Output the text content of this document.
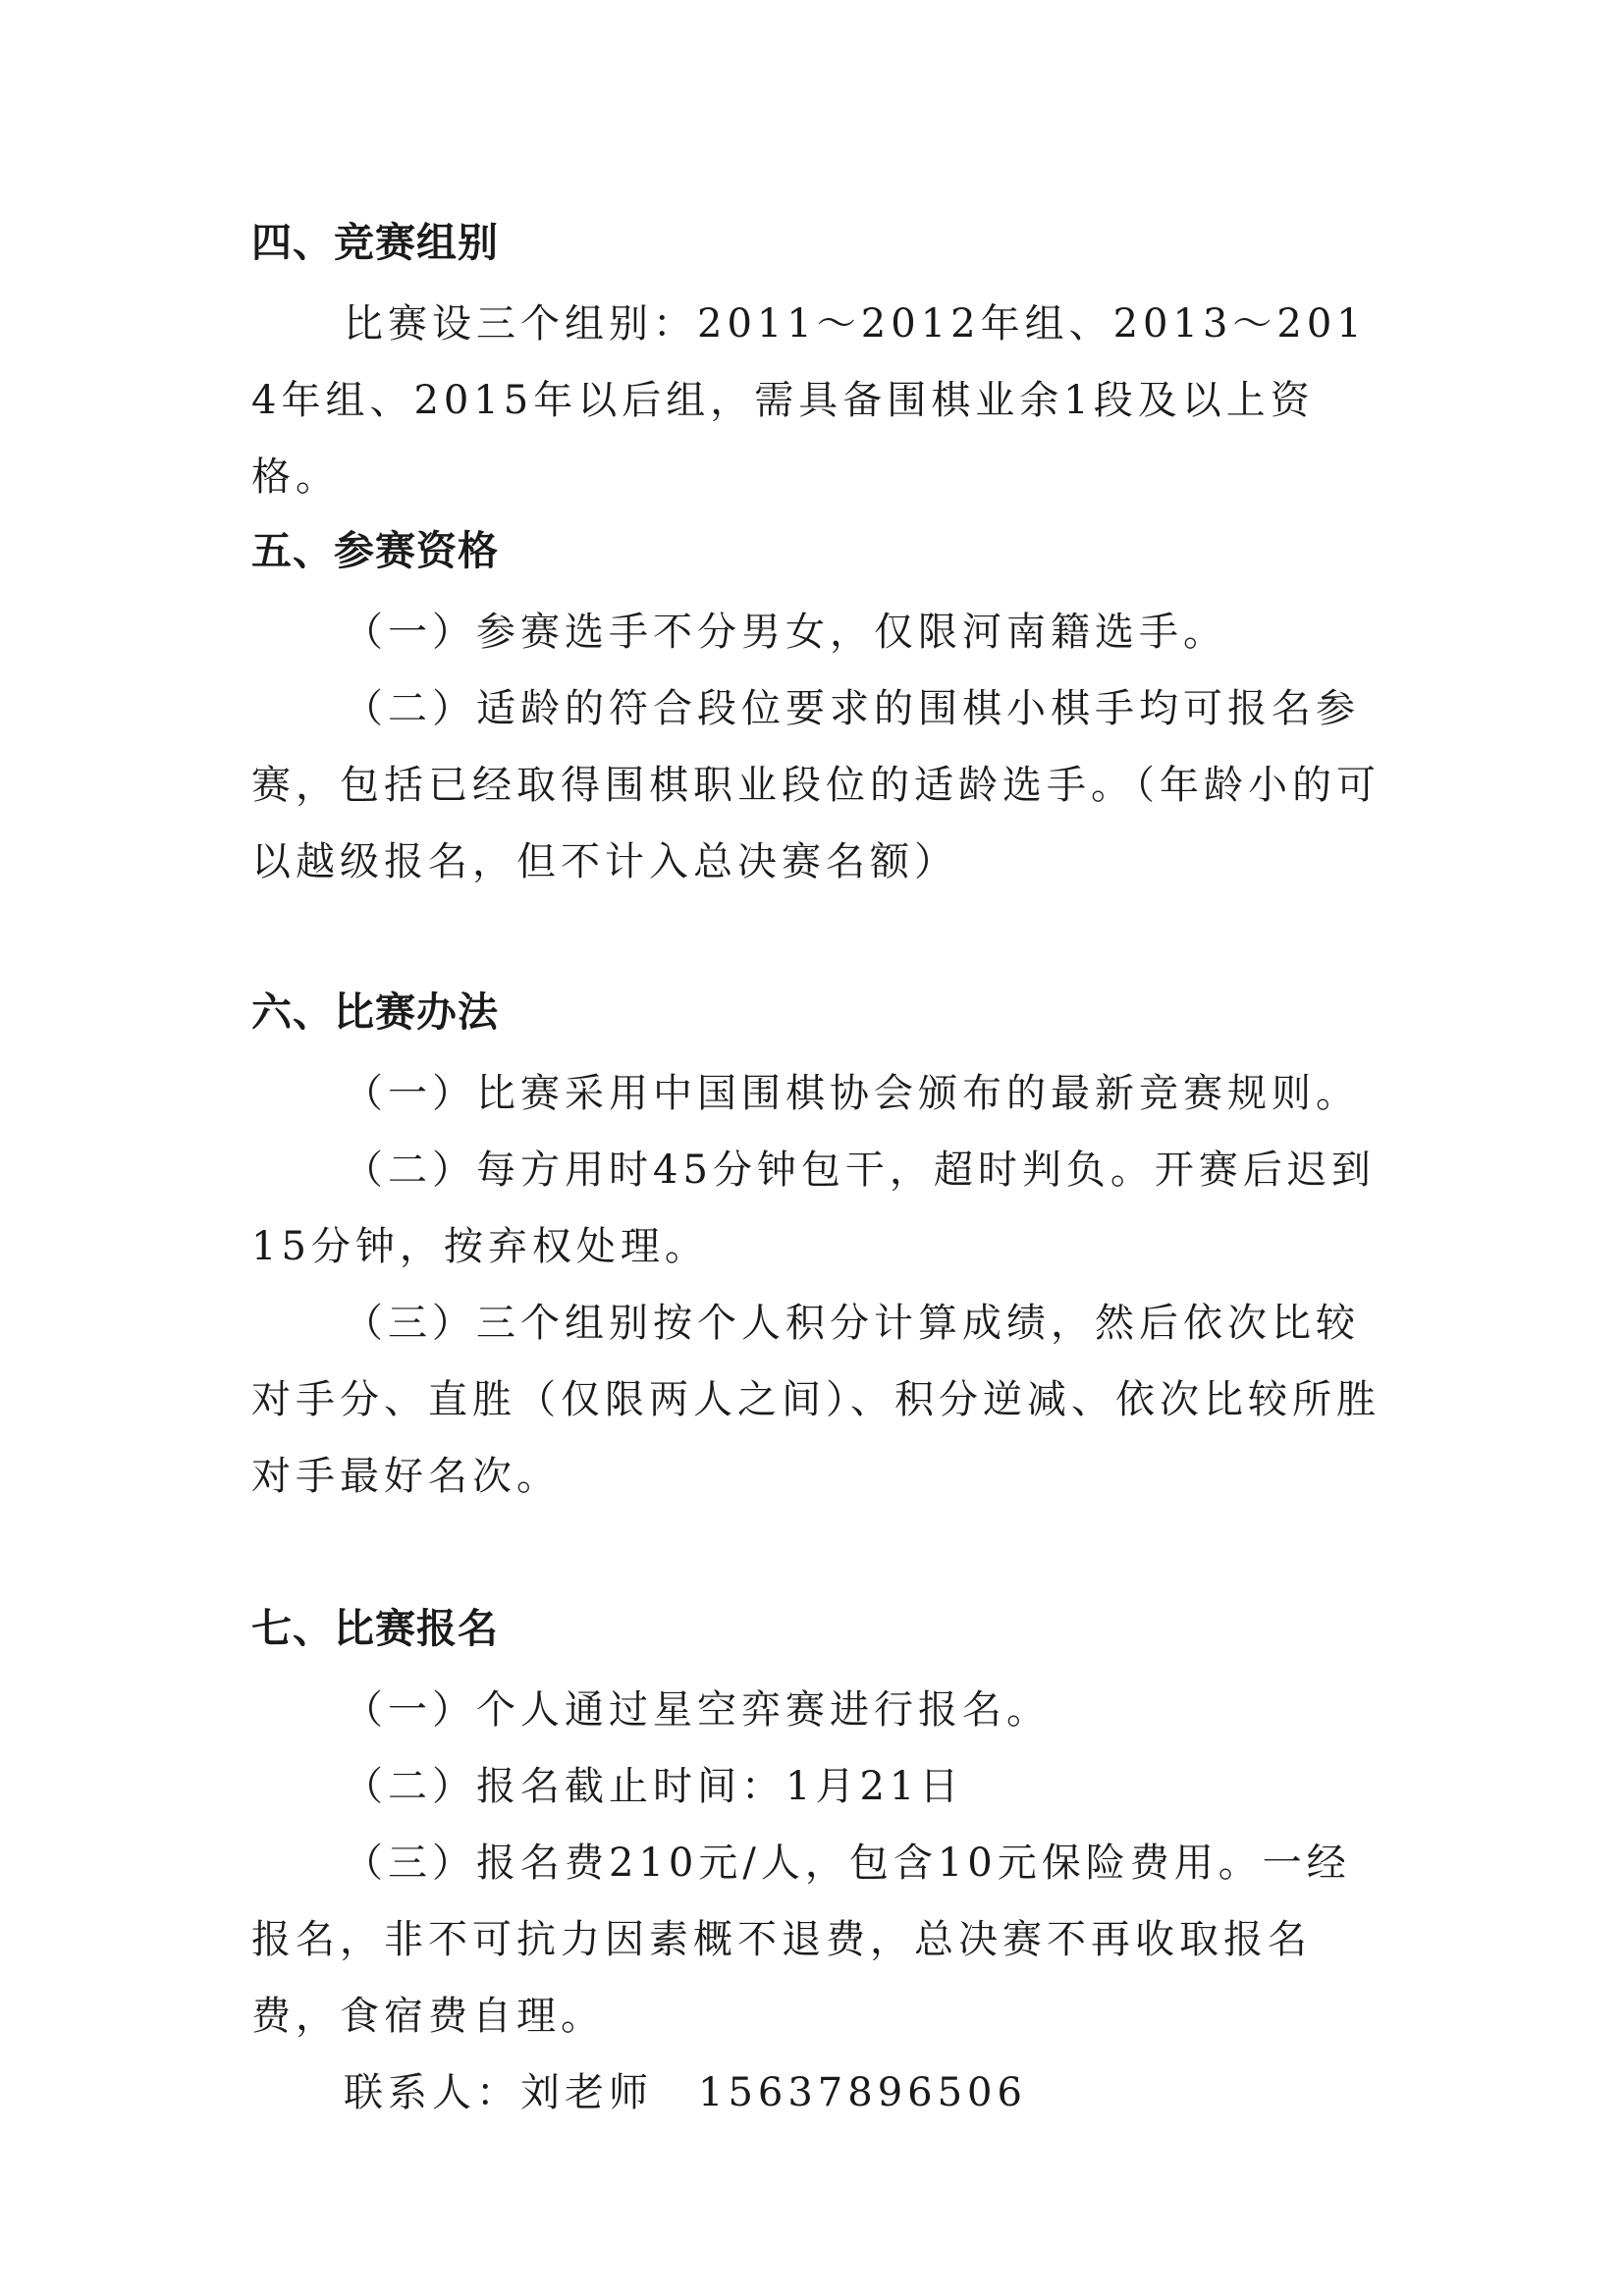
四、竞赛组别

比赛设三个组别：2011～2012年组、2013～2014年组、2015年以后组，需具备围棋业余1段及以上资格。

五、参赛资格

（一）参赛选手不分男女，仅限河南籍选手。

（二）适龄的符合段位要求的围棋小棋手均可报名参赛，包括已经取得围棋职业段位的适龄选手。（年龄小的可以越级报名，但不计入总决赛名额）

六、比赛办法

（一）比赛采用中国围棋协会颁布的最新竞赛规则。

（二）每方用时45分钟包干，超时判负。开赛后迟到15分钟，按弃权处理。

（三）三个组别按个人积分计算成绩，然后依次比较对手分、直胜（仅限两人之间）、积分逆减、依次比较所胜对手最好名次。

七、比赛报名

（一）个人通过星空弈赛进行报名。

（二）报名截止时间：1月21日

（三）报名费210元/人，包含10元保险费用。一经报名，非不可抗力因素概不退费，总决赛不再收取报名费，食宿费自理。

联系人：刘老师 15637896506
